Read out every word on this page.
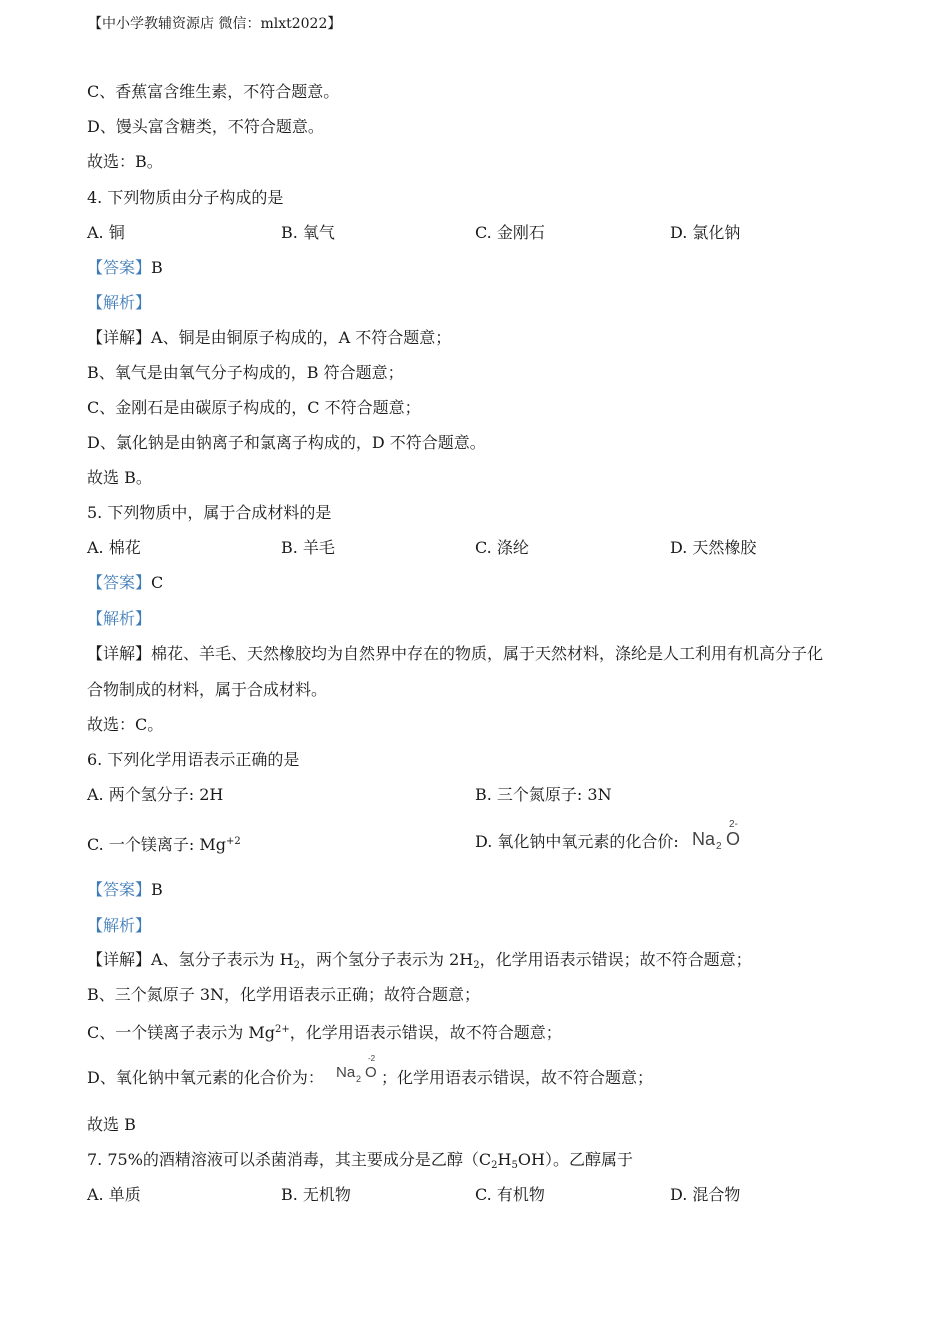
【中小学教辅资源店 微信：mlxt2022】
C、香蕉富含维生素，不符合题意。
D、馒头富含糖类，不符合题意。
故选：B。
4. 下列物质由分子构成的是
A. 铜	B. 氧气	C. 金刚石	D. 氯化钠
【答案】B
【解析】
【详解】A、铜是由铜原子构成的，A 不符合题意；
B、氧气是由氧气分子构成的，B 符合题意；
C、金刚石是由碳原子构成的，C 不符合题意；
D、氯化钠是由钠离子和氯离子构成的，D 不符合题意。
故选 B。
5. 下列物质中，属于合成材料的是
A. 棉花	B. 羊毛	C. 涤纶	D. 天然橡胶
【答案】C
【解析】
【详解】棉花、羊毛、天然橡胶均为自然界中存在的物质，属于天然材料，涤纶是人工利用有机高分子化
合物制成的材料，属于合成材料。
故选：C。
6. 下列化学用语表示正确的是
A. 两个氢分子: 2H	B. 三个氮原子: 3N
C. 一个镁离子: $Mg^{+2}$	D. 氧化钠中氧元素的化合价: Na 2 O
2-
【答案】B
【解析】
【详解】A、氢分子表示为 $H_2$，两个氢分子表示为 $2H_2$，化学用语表示错误；故不符合题意；
B、三个氮原子 3N，化学用语表示正确；故符合题意；
C、一个镁离子表示为 $Mg^{2+}$，化学用语表示错误，故不符合题意；
D、氧化钠中氧元素的化合价为： Na 2 O
-2
；化学用语表示错误，故不符合题意；
故选 B
7. 75%的酒精溶液可以杀菌消毒，其主要成分是乙醇$(C_2H_5OH)$。乙醇属于
A. 单质	B. 无机物	C. 有机物	D. 混合物
